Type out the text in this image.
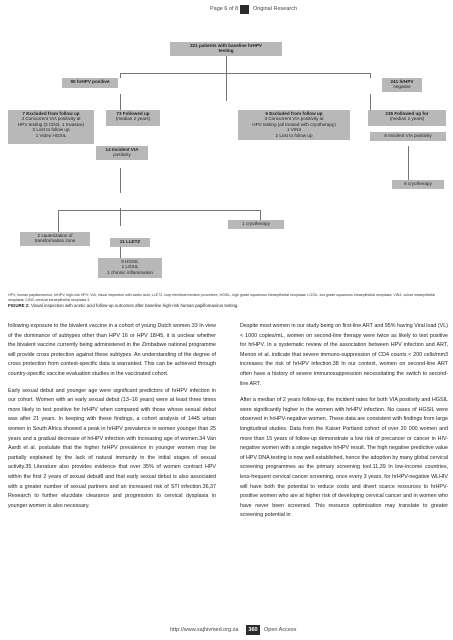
Page 6 of 8	Original Research
321 patients with baseline hrHPV
testing
90 hrHPV positive	241 hrHPV
negative
7 Excluded from follow up
4 Concurrent VIA positivity at
HPV testing (3 CIN3, 1 Invasive)
2 Lost to follow up
1 Video HGSIL
73 Followed up
(median 2 years)
6 Excluded from follow up
3 Concurrent VIA positivity at
HPV testing (all treated with cryotherapy)
1 VIN3
2 Lost to follow up
235 Followed up for
(median 2 years)
14 Incident VIA
positivity
6 Incident VIA positivity
8 cryotherapy
2 cauterization of
transformation zone
1 cryotherapy
11 LLETZ
9 HGSIL
1 LGSIL
1 chronic inflammation
HPV, human papillomavirus; hrHPV, high-risk HPV; VIA, visual inspection with acetic acid; LLETZ, loop electrical excision procedure; HGSIL, high grade squamous intraepithelial neoplasia; LGSIL, low grade squamous intraepithelial neoplasia; VIN3, vulvar intraepithelial neoplasia; CIN3, cervical intraepithelial neoplasia 3.
FIGURE 2: Visual inspection with acetic acid follow-up outcomes after baseline high-risk human papillomavirus testing.

following exposure to the bivalent vaccine in a cohort of young Dutch women.33 In view of the dominance of subtypes other than HPV 16 or HPV 18/45, it is unclear whether the bivalent vaccine currently being administered in the Zimbabwe national programme will provide cross protection against these subtypes. An understanding of the degree of cross protection from context-specific data is warranted. This can be achieved through country-specific vaccine evaluation studies in the vaccinated cohort.

Early sexual debut and younger age were significant predictors of hrHPV infection in our cohort. Women with an early sexual debut (13–16 years) were at least three times more likely to test positive for hrHPV when compared with those whose sexual debut was after 21 years. In keeping with these findings, a cohort analysis of 1445 urban women in South Africa showed a peak in hrHPV prevalence in women younger than 25 years and a gradual decrease of hrHPV infection with increasing age of women.34 Van Aardt et al. postulate that the higher hrHPV prevalence in younger women may be partially explained by the lack of natural immunity in the initial stages of sexual activity.35 Literature also provides evidence that over 35% of women contract HPV within the first 2 years of sexual debut8 and that early sexual debut is also associated with a greater number of sexual partners and an increased risk of STI infection.36,37 Research to further elucidate clearance and progression to cervical dysplasia in younger women is also necessary.

Despite most women in our study being on first-line ART and 95% having Viral load (VL) < 1000 copies/mL, women on second-line therapy were twice as likely to test positive for hrHPV. In a systematic review of the association between HPV infection and ART, Menon et al. indicate that severe immuno-suppression of CD4 counts < 200 cells/mm3 increases the risk of hrHPV infection.38 In our context, women on second-line ART often have a history of severe immunosuppression necessitating the switch to second-line ART.

After a median of 2 years follow-up, the incident rates for both VIA positivity and HGSIL were significantly higher in the women with hrHPV infection. No cases of HGSIL were observed in hrHPV-negative women. These data are consistent with findings from large longitudinal studies. Data from the Kaiser Portland cohort of over 20 000 women and more than 15 years of follow-up demonstrate a low risk of precancer or cancer in HIV-negative women with a single negative hrHPV result. The high negative predictive value of HPV DNA testing is now well established, hence the adoption by many global cervical screening programmes as the primary screening tool.11,39 In low-income countries, less-frequent cervical cancer screening, once every 3 years, for hrHPV-negative WLHIV will have both the potential to reduce costs and divert scarce resources to hrHPV-positive women who are at higher risk of developing cervical cancer and in women who have never been screened. This resource optimisation may translate to greater screening potential in

http://www.sajhivmed.org.za	360	Open Access
